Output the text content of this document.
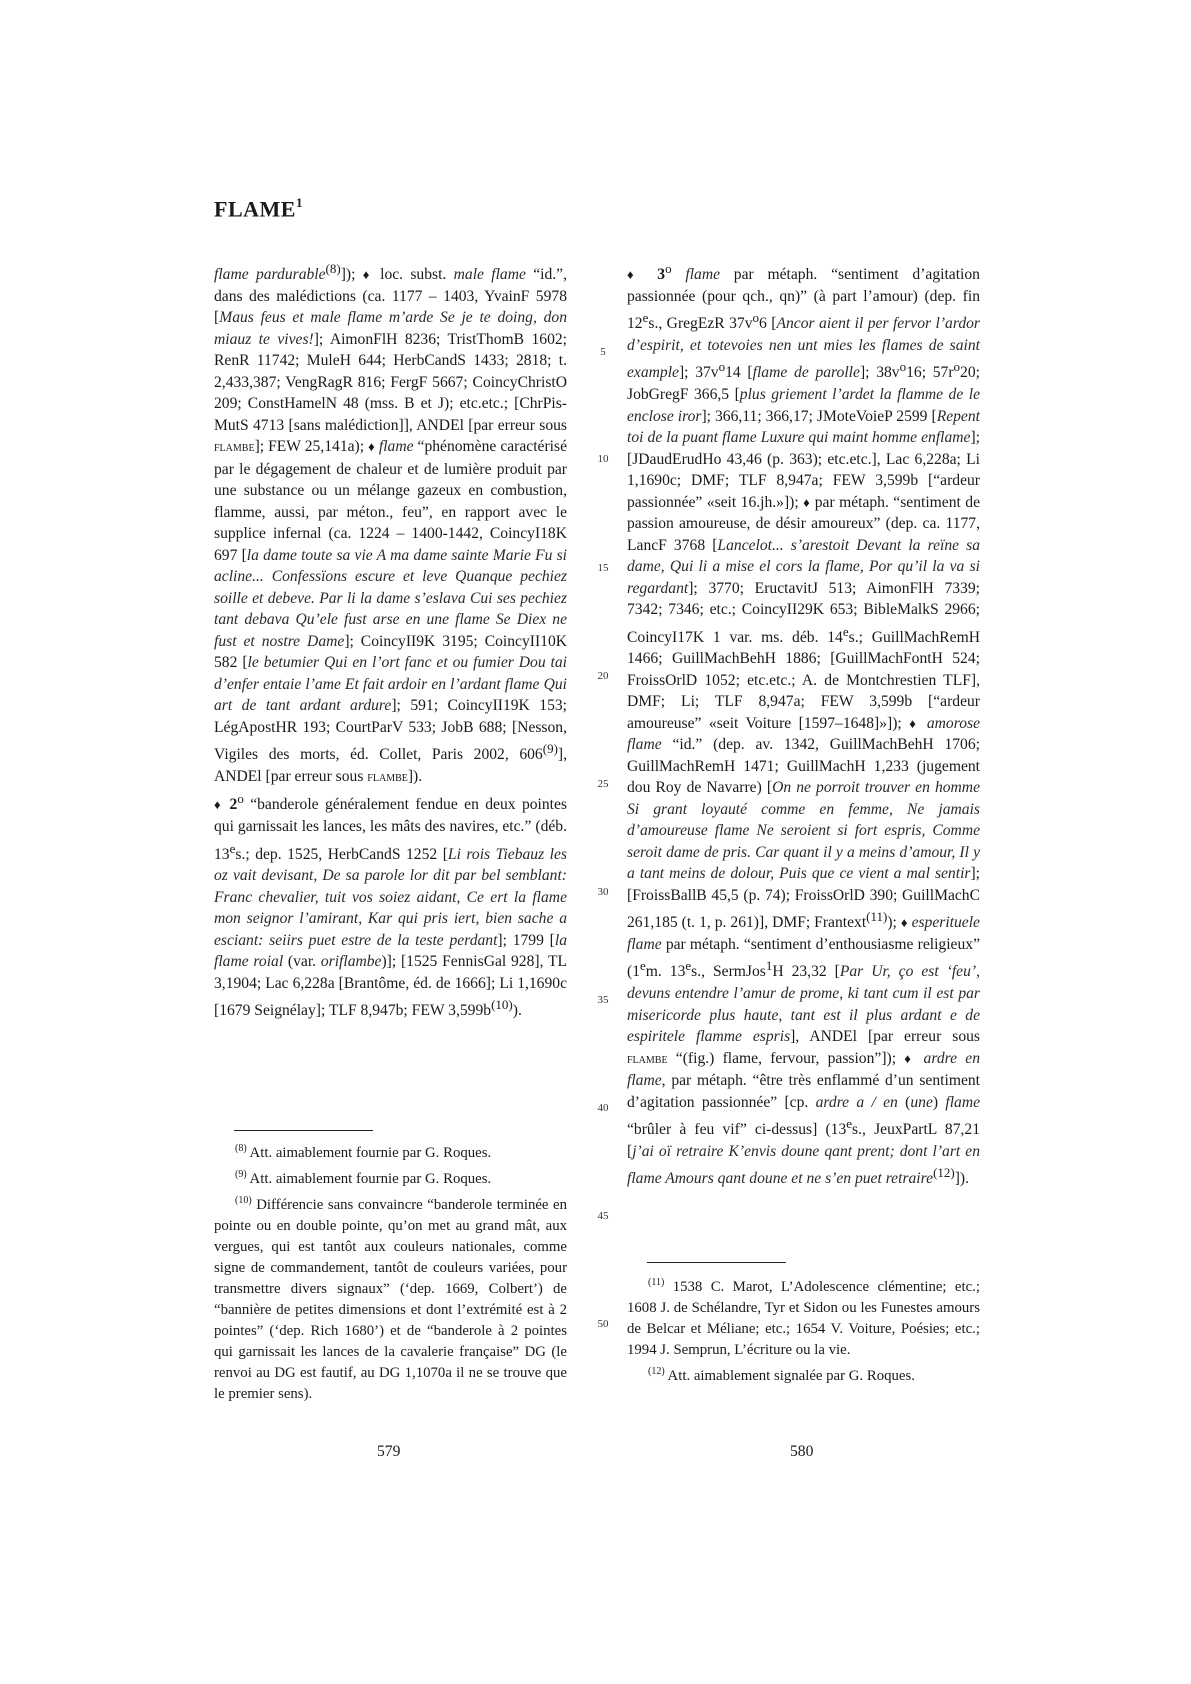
FLAME$^1$

flame pardurable$^{(8)}$]); ♦ loc. subst. male flame “id.”, dans des malédictions (ca. 1177 – 1403, YvainF 5978 [Maus feus et male flame m’arde Se je te doing, don miauz te vives!]; AimonFlH 8236; TristThomB 1602; RenR 11742; MuleH 644; HerbCandS 1433; 2818; t. 2,433,387; VengRagR 816; FergF 5667; CoincyChristO 209; ConstHamelN 48 (mss. B et J); etc.etc.; [ChrPisMutS 4713 [sans malédiction]], ANDEl [par erreur sous flambe]; FEW 25,141a); ♦ flame “phénomène caractérisé par le dégagement de chaleur et de lumière produit par une substance ou un mélange gazeux en combustion, flamme, aussi, par méton., feu”, en rapport avec le supplice infernal (ca. 1224 – 1400-1442, CoincyI18K 697 [la dame toute sa vie A ma dame sainte Marie Fu si acline... Confessïons escure et leve Quanque pechiez soille et debeve. Par li la dame s’eslava Cui ses pechiez tant debava Qu’ele fust arse en une flame Se Diex ne fust et nostre Dame]; CoincyII9K 3195; CoincyII10K 582 [le betumier Qui en l’ort fanc et ou fumier Dou tai d’enfer entaie l’ame Et fait ardoir en l’ardant flame Qui art de tant ardant ardure]; 591; CoincyII19K 153; LégApostHR 193; CourtParV 533; JobB 688; [Nesson, Vigiles des morts, éd. Collet, Paris 2002, 606$^{(9)}$], ANDEl [par erreur sous flambe]).

♦ 2$^o$ “banderole généralement fendue en deux pointes qui garnissait les lances, les mâts des navires, etc.” (déb. 13es.; dep. 1525, HerbCandS 1252 [Li rois Tiebauz les oz vait devisant, De sa parole lor dit par bel semblant: Franc chevalier, tuit vos soiez aidant, Ce ert la flame mon seignor l’amirant, Kar qui pris iert, bien sache a esciant: seiirs puet estre de la teste perdant]; 1799 [la flame roial (var. oriflambe)]; [1525 FennisGal 928], TL 3,1904; Lac 6,228a [Brantôme, éd. de 1666]; Li 1,1690c [1679 Seignélay]; TLF 8,947b; FEW $3,599b^{(10)}$).

5
10
15
20
25
30
35
40
45
50

♦ 3$^o$ flame par métaph. “sentiment d’agitation passionnée (pour qch., qn)” (à part l’amour) (dep. fin 12es., GregEzR $37v^o6$ [Ancor aient il per fervor l’ardor d’espirit, et totevoies nen unt mies les flames de saint example]; $37v^o14$ [flame de parolle]; $38v^o16$; $57r^o20$; JobGregF 366,5 [plus griement l’ardet la flamme de le enclose iror]; 366,11; 366,17; JMoteVoieP 2599 [Repent toi de la puant flame Luxure qui maint homme enflame]; [JDaudErudHo 43,46 (p. 363); etc.etc.], Lac 6,228a; Li 1,1690c; DMF; TLF 8,947a; FEW 3,599b [“ardeur passionnée” «seit 16.jh.»]); ♦ par métaph. “sentiment de passion amoureuse, de désir amoureux” (dep. ca. 1177, LancF 3768 [Lancelot... s’arestoit Devant la reïne sa dame, Qui li a mise el cors la flame, Por qu’il la va si regardant]; 3770; EructavitJ 513; AimonFlH 7339; 7342; 7346; etc.; CoincyII29K 653; BibleMalkS 2966; CoincyI17K 1 var. ms. déb. 14es.; GuillMachRemH 1466; GuillMachBehH 1886; [GuillMachFontH 524; FroissOrlD 1052; etc.etc.; A. de Montchrestien TLF], DMF; Li; TLF 8,947a; FEW 3,599b [“ardeur amoureuse” «seit Voiture [1597–1648]»]); ♦ amorose flame “id.” (dep. av. 1342, GuillMachBehH 1706; GuillMachRemH 1471; GuillMachH 1,233 (jugement dou Roy de Navarre) [On ne porroit trouver en homme Si grant loyauté comme en femme, Ne jamais d’amoureuse flame Ne seroient si fort espris, Comme seroit dame de pris. Car quant il y a meins d’amour, Il y a tant meins de dolour, Puis que ce vient a mal sentir]; [FroissBallB 45,5 (p. 74); FroissOrlD 390; GuillMachC 261,185 (t. 1, p. 261)], DMF; Frantext$^{(11)}$); ♦ esperituele flame par métaph. “sentiment d’enthousiasme religieux” (1em. 13es., SermJos$^1$H 23,32 [Par Ur, ço est ‘feu’, devuns entendre l’amur de prome, ki tant cum il est par misericorde plus haute, tant est il plus ardant e de espiritele flamme espris], ANDEl [par erreur sous flambe “(fig.) flame, fervour, passion”]); ♦ ardre en flame, par métaph. “être très enflammé d’un sentiment d’agitation passionnée” [cp. ardre a / en (une) flame “brûler à feu vif” ci-dessus] (13es., JeuxPartL 87,21 [j’ai oï retraire K’envis doune qant prent; dont l’art en flame Amours qant doune et ne s’en puet retraire$^{(12)}$]).

$^{(8)}$ Att. aimablement fournie par G. Roques.

$^{(9)}$ Att. aimablement fournie par G. Roques.

$^{(10)}$ Différencie sans convaincre “banderole terminée en pointe ou en double pointe, qu’on met au grand mât, aux vergues, qui est tantôt aux couleurs nationales, comme signe de commandement, tantôt de couleurs variées, pour transmettre divers signaux” (‘dep. 1669, Colbert’) de “bannière de petites dimensions et dont l’extrémité est à 2 pointes” (‘dep. Rich 1680’) et de “banderole à 2 pointes qui garnissait les lances de la cavalerie française” DG (le renvoi au DG est fautif, au DG 1,1070a il ne se trouve que le premier sens).

$^{(11)}$ 1538 C. Marot, L’Adolescence clémentine; etc.; 1608 J. de Schélandre, Tyr et Sidon ou les Funestes amours de Belcar et Méliane; etc.; 1654 V. Voiture, Poésies; etc.; 1994 J. Semprun, L’écriture ou la vie.

$^{(12)}$ Att. aimablement signalée par G. Roques.

579	580
